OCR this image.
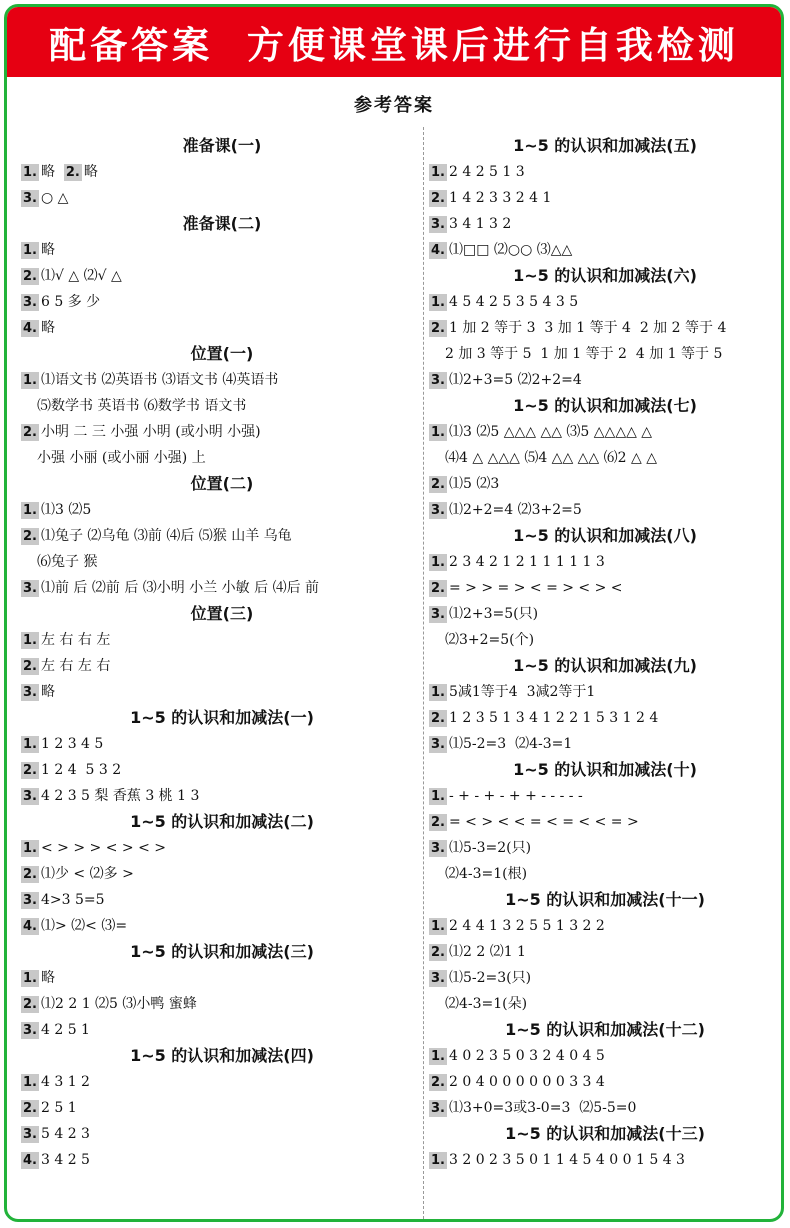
配备答案
方便课堂课后进行自我检测
参考答案
准备课(一)
1. 略  2. 略
3. ○ △
准备课(二)
1. 略
2. ⑴√ △ ⑵√ △
3. 6 5 多 少
4. 略
位置(一)
1. ⑴语文书 ⑵英语书 ⑶语文书 ⑷英语书
⑸数学书 英语书 ⑹数学书 语文书
2. 小明 二 三 小强 小明 (或小明 小强)
小强 小丽 (或小丽 小强) 上
位置(二)
1. ⑴3 ⑵5
2. ⑴兔子 ⑵乌龟 ⑶前 ⑷后 ⑸猴 山羊 乌龟
⑹兔子 猴
3. ⑴前 后 ⑵前 后 ⑶小明 小兰 小敏 后 ⑷后 前
位置(三)
1. 左 右 右 左
2. 左 右 左 右
3. 略
1~5 的认识和加减法(一)
1. 1 2 3 4 5
2. 1 2 4  5 3 2
3. 4 2 3 5 梨 香蕉 3 桃 1 3
1~5 的认识和加减法(二)
1. < > > > < > < >
2. ⑴少 < ⑵多 >
3. 4>3 5=5
4. ⑴> ⑵< ⑶=
1~5 的认识和加减法(三)
1. 略
2. ⑴2 2 1 ⑵5 ⑶小鸭 蜜蜂
3. 4 2 5 1
1~5 的认识和加减法(四)
1. 4 3 1 2
2. 2 5 1
3. 5 4 2 3
4. 3 4 2 5
1~5 的认识和加减法(五)
1. 2 4 2 5 1 3
2. 1 4 2 3 3 2 4 1
3. 3 4 1 3 2
4. ⑴□□ ⑵○○ ⑶△△
1~5 的认识和加减法(六)
1. 4 5 4 2 5 3 5 4 3 5
2. 1 加 2 等于 3  3 加 1 等于 4  2 加 2 等于 4
2 加 3 等于 5  1 加 1 等于 2  4 加 1 等于 5
3. ⑴2+3=5 ⑵2+2=4
1~5 的认识和加减法(七)
1. ⑴3 ⑵5 △△△ △△ ⑶5 △△△△ △
⑷4 △ △△△ ⑸4 △△ △△ ⑹2 △ △
2. ⑴5 ⑵3
3. ⑴2+2=4 ⑵3+2=5
1~5 的认识和加减法(八)
1. 2 3 4 2 1 2 1 1 1 1 1 3
2. = > > = > < = > < > <
3. ⑴2+3=5(只)
⑵3+2=5(个)
1~5 的认识和加减法(九)
1. 5减1等于4  3减2等于1
2. 1 2 3 5 1 3 4 1 2 2 1 5 3 1 2 4
3. ⑴5-2=3  ⑵4-3=1
1~5 的认识和加减法(十)
1. - + - + - + + - - - - -
2. = < > < < = < = < < = >
3. ⑴5-3=2(只)
⑵4-3=1(根)
1~5 的认识和加减法(十一)
1. 2 4 4 1 3 2 5 5 1 3 2 2
2. ⑴2 2 ⑵1 1
3. ⑴5-2=3(只)
⑵4-3=1(朵)
1~5 的认识和加减法(十二)
1. 4 0 2 3 5 0 3 2 4 0 4 5
2. 2 0 4 0 0 0 0 0 0 3 3 4
3. ⑴3+0=3或3-0=3  ⑵5-5=0
1~5 的认识和加减法(十三)
1. 3 2 0 2 3 5 0 1 1 4 5 4 0 0 1 5 4 3
